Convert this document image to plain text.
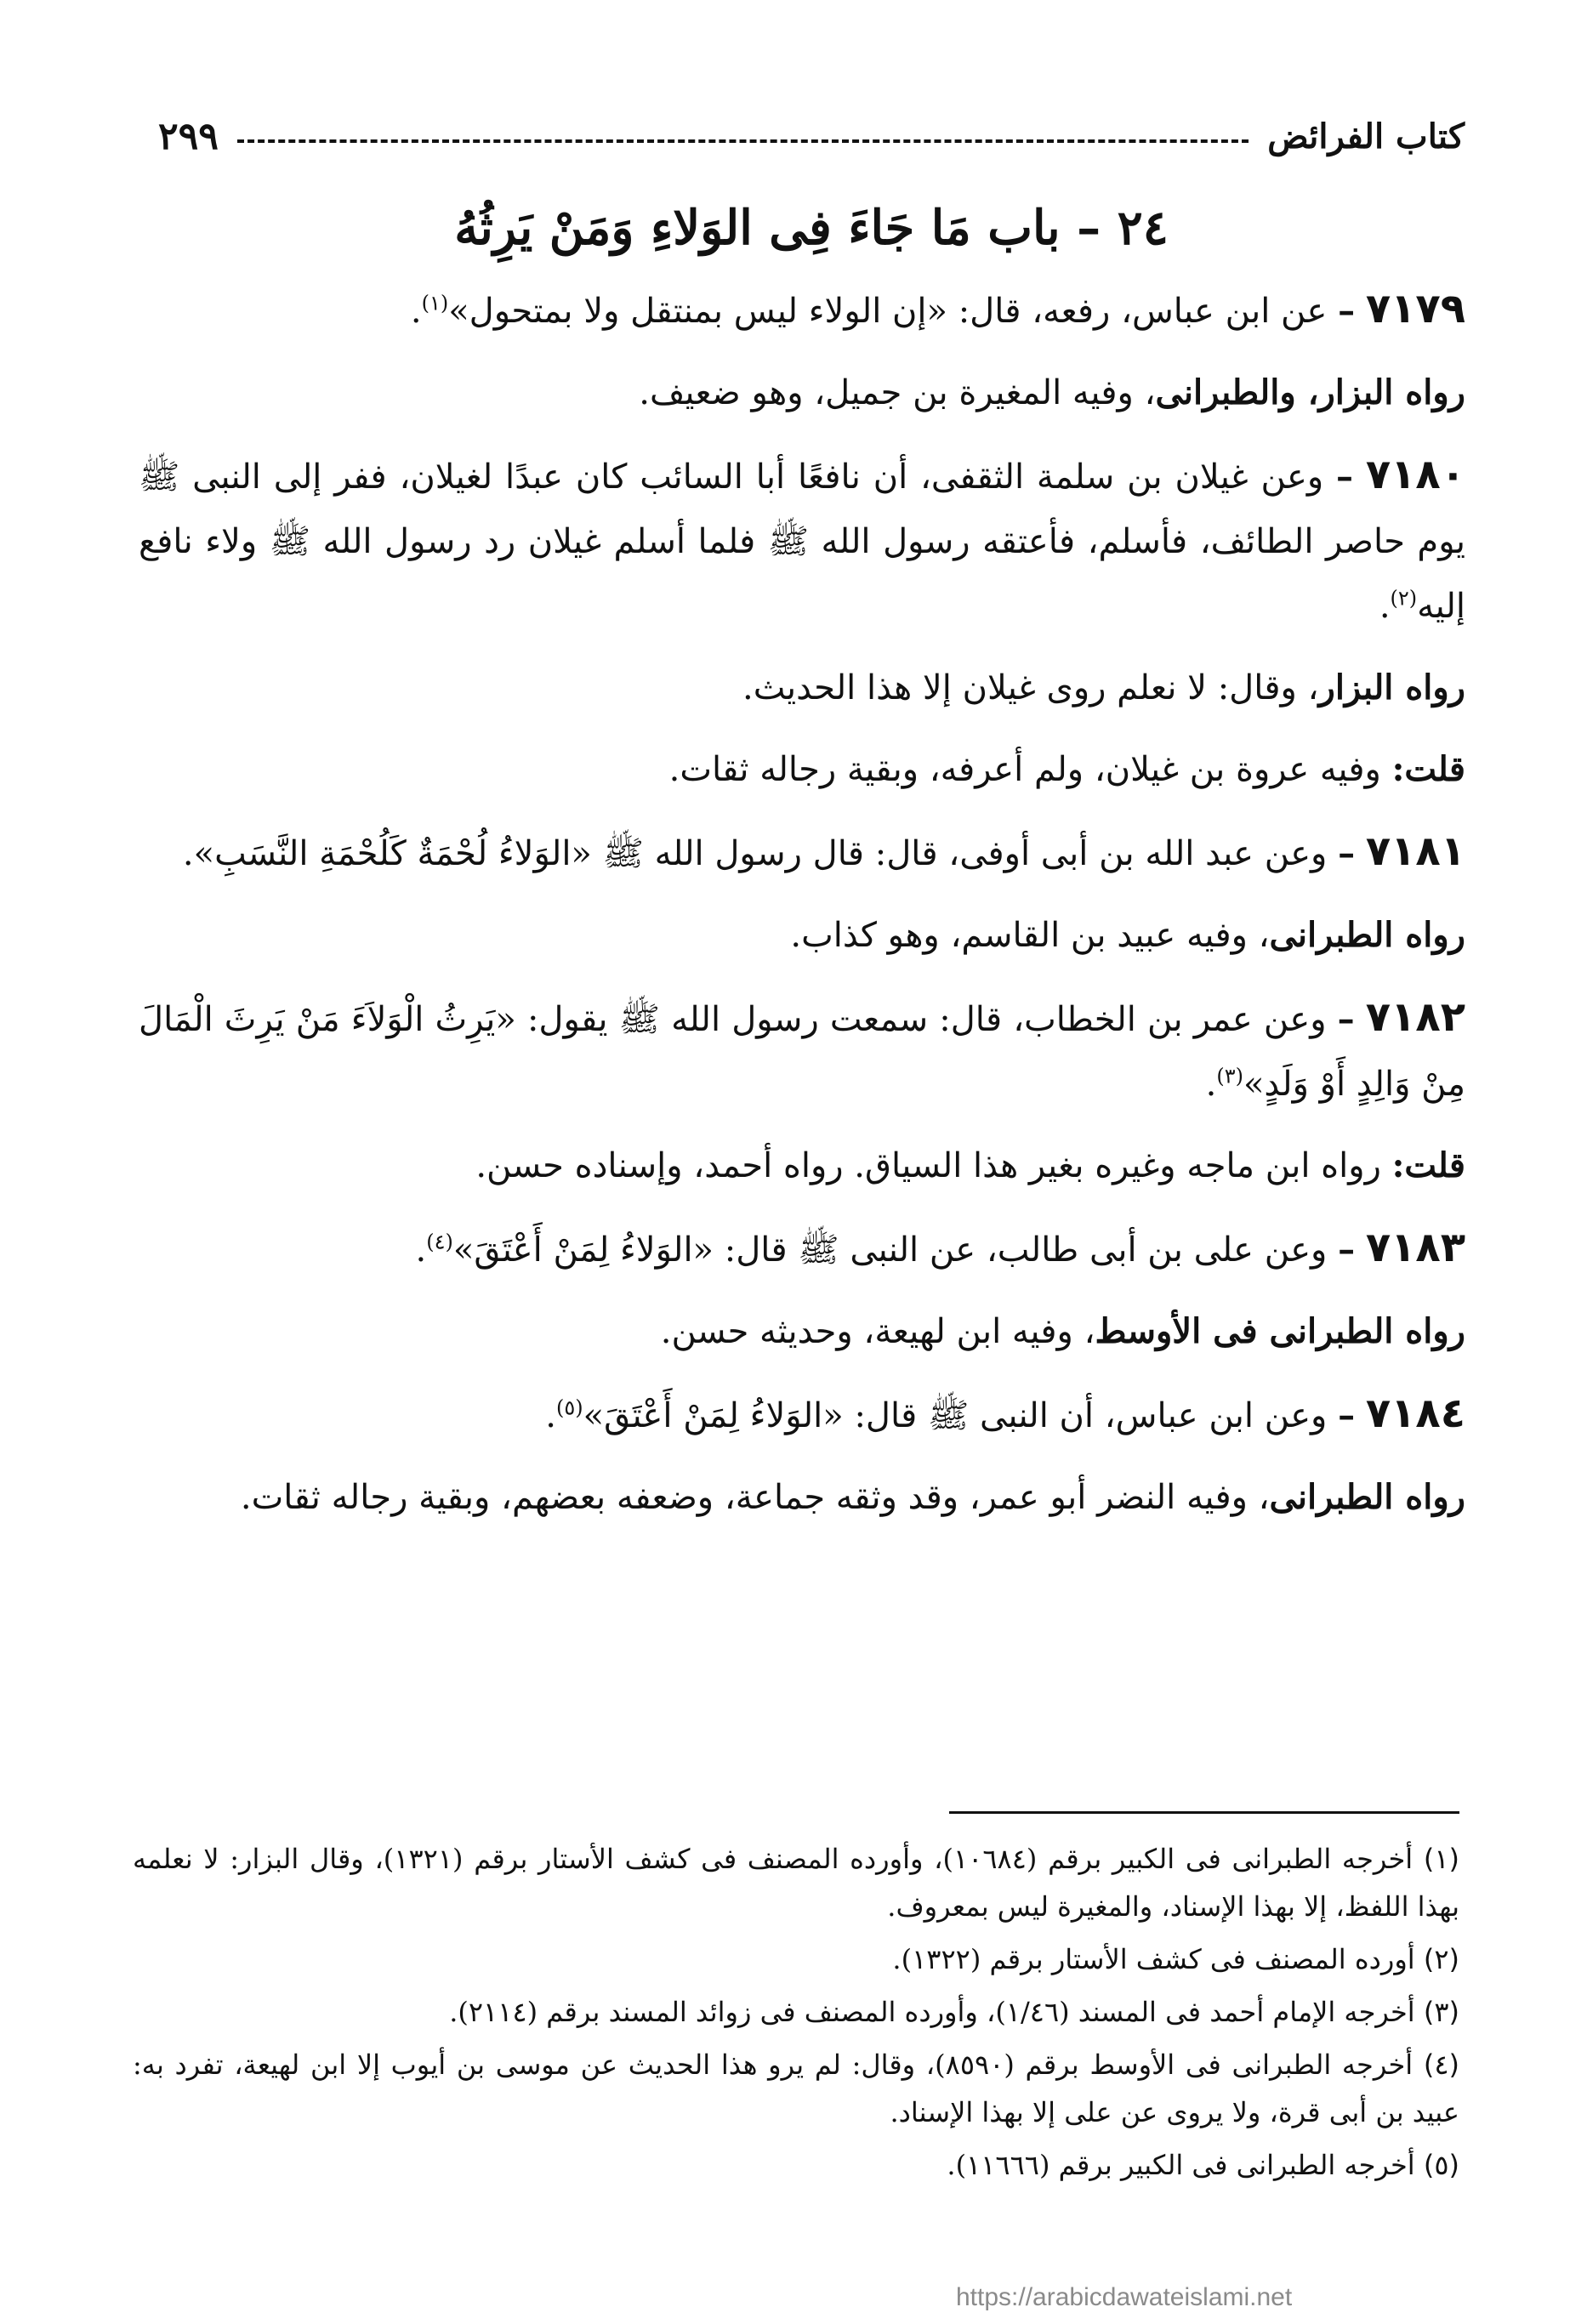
كتاب الفرائض
٢٩٩
٢٤ – باب مَا جَاءَ فِى الوَلاءِ وَمَنْ يَرِثُهُ

٧١٧٩ – عن ابن عباس، رفعه، قال: «إن الولاء ليس بمنتقل ولا بمتحول»$^{(١)}$.

رواه البزار، والطبرانى، وفيه المغيرة بن جميل، وهو ضعيف.

٧١٨٠ – وعن غيلان بن سلمة الثقفى، أن نافعًا أبا السائب كان عبدًا لغيلان، ففر إلى النبى ﷺ يوم حاصر الطائف، فأسلم، فأعتقه رسول الله ﷺ فلما أسلم غيلان رد رسول الله ﷺ ولاء نافع إليه$^{(٢)}$.

رواه البزار، وقال: لا نعلم روى غيلان إلا هذا الحديث.

قلت: وفيه عروة بن غيلان، ولم أعرفه، وبقية رجاله ثقات.

٧١٨١ – وعن عبد الله بن أبى أوفى، قال: قال رسول الله ﷺ «الوَلاءُ لُحْمَةٌ كَلُحْمَةِ النَّسَبِ».

رواه الطبرانى، وفيه عبيد بن القاسم، وهو كذاب.

٧١٨٢ – وعن عمر بن الخطاب، قال: سمعت رسول الله ﷺ يقول: «يَرِثُ الْوَلاَءَ مَنْ يَرِثَ الْمَالَ مِنْ وَالِدٍ أَوْ وَلَدٍ»$^{(٣)}$.

قلت: رواه ابن ماجه وغيره بغير هذا السياق. رواه أحمد، وإسناده حسن.

٧١٨٣ – وعن على بن أبى طالب، عن النبى ﷺ قال: «الوَلاءُ لِمَنْ أَعْتَقَ»$^{(٤)}$.

رواه الطبرانى فى الأوسط، وفيه ابن لهيعة، وحديثه حسن.

٧١٨٤ – وعن ابن عباس، أن النبى ﷺ قال: «الوَلاءُ لِمَنْ أَعْتَقَ»$^{(٥)}$.

رواه الطبرانى، وفيه النضر أبو عمر، وقد وثقه جماعة، وضعفه بعضهم، وبقية رجاله ثقات.

(١) أخرجه الطبرانى فى الكبير برقم (١٠٦٨٤)، وأورده المصنف فى كشف الأستار برقم (١٣٢١)، وقال البزار: لا نعلمه بهذا اللفظ، إلا بهذا الإسناد، والمغيرة ليس بمعروف.

(٢) أورده المصنف فى كشف الأستار برقم (١٣٢٢).

(٣) أخرجه الإمام أحمد فى المسند (١/٤٦)، وأورده المصنف فى زوائد المسند برقم (٢١١٤).

(٤) أخرجه الطبرانى فى الأوسط برقم (٨٥٩٠)، وقال: لم يرو هذا الحديث عن موسى بن أيوب إلا ابن لهيعة، تفرد به: عبيد بن أبى قرة، ولا يروى عن على إلا بهذا الإسناد.

(٥) أخرجه الطبرانى فى الكبير برقم (١١٦٦٦).

https://arabicdawateislami.net
